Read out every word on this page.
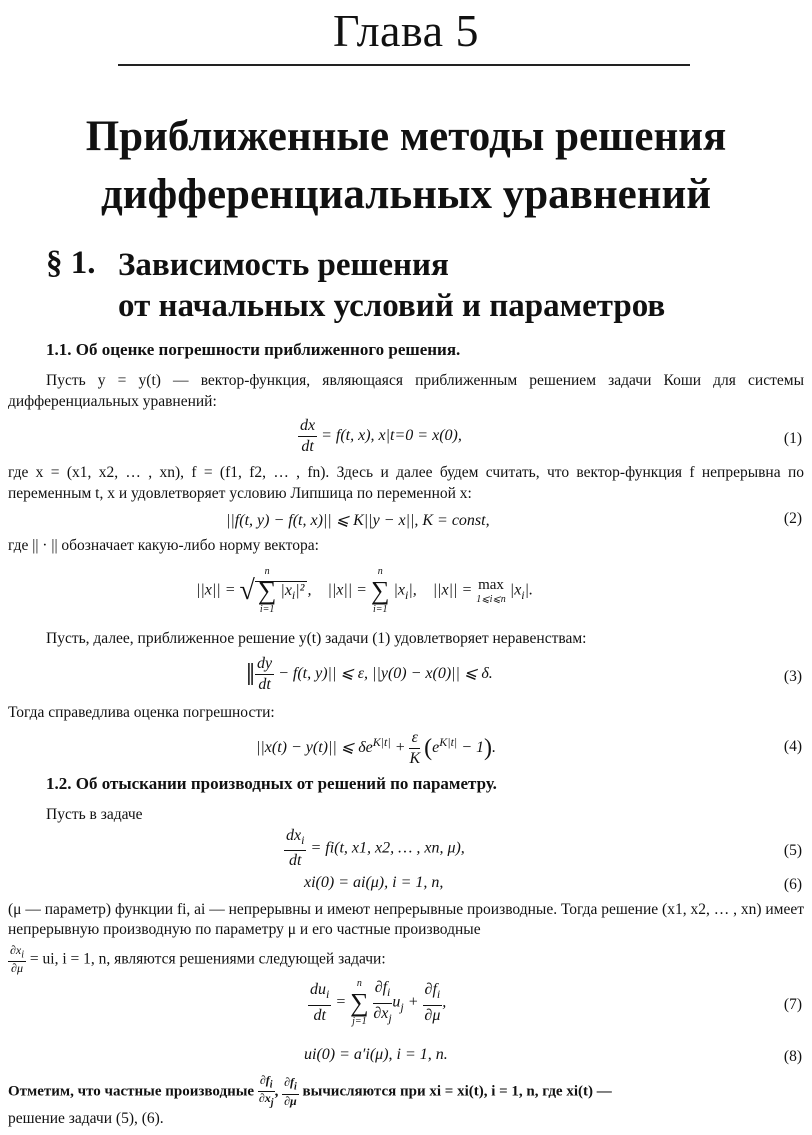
Глава 5
Приближенные методы решения
дифференциальных уравнений
§ 1. Зависимость решения
от начальных условий и параметров
1.1. Об оценке погрешности приближенного решения.
Пусть y = y(t) — вектор-функция, являющаяся приближенным решением задачи Коши для системы дифференциальных уравнений:
$\frac{dx}{dt} = f(t$, x), x|t=0 = x(0),	(1)
где x = (x1, x2, … , xn), f = (f1, f2, … , fn). Здесь и далее будем считать, что вектор-функция f непрерывна по переменным t, x и удовлетворяет условию Липшица по переменной x:
||f(t, y) − f(t, x)|| ⩽ K||y − x||, K = const,	(2)
где || · || обозначает какую-либо норму вектора:
||x|| = √
n
∑
i=1
$|x_i|^2$ ,    ||x|| =
n
∑
i=1
$|x_i|$,    ||x|| = max
1⩽i⩽n
$|x_i|$.
Пусть, далее, приближенное решение y(t) задачи (1) удовлетворяет неравенствам:
‖ $\frac{dy}{dt} - f(t$, y)|| ⩽ ε, ||y(0) − x(0)|| ⩽ δ.	(3)
Тогда справедлива оценка погрешности:
||x(t) − y(t)|| ⩽ $\delta e^{K|t|} + \frac{\varepsilon}{K} (e^{K|t|} - 1)$.	(4)
1.2. Об отыскании производных от решений по параметру.
Пусть в задаче
$\frac{dx_i}{dt} = fi(t$, x1, x2, … , xn, μ),	(5)
xi(0) = ai(μ), i = 1, n,	(6)
(μ — параметр) функции fi, ai — непрерывны и имеют непрерывные производные. Тогда решение (x1, x2, … , xn) имеет непрерывную производную по параметру μ и его частные производные
$\frac{\partial x_i}{\partial\mu}$ = ui, i = 1, n, являются решениями следующей задачи:
$\frac{du_i}{dt}$ =
n
∑
j=1
$\frac{\partial f_i}{\partial x_j} u_j + \frac{\partial f_i}{\partial\mu}$ ,	(7)
ui(0) = a′i(μ), i = 1, n.	(8)
Отметим, что частные производные $\frac{\partial f_i}{\partial x_j}$ , $\frac{\partial f_i}{\partial\mu}$ вычисляются при xi = xi(t), i = 1, n, где xi(t) —
решение задачи (5), (6).
